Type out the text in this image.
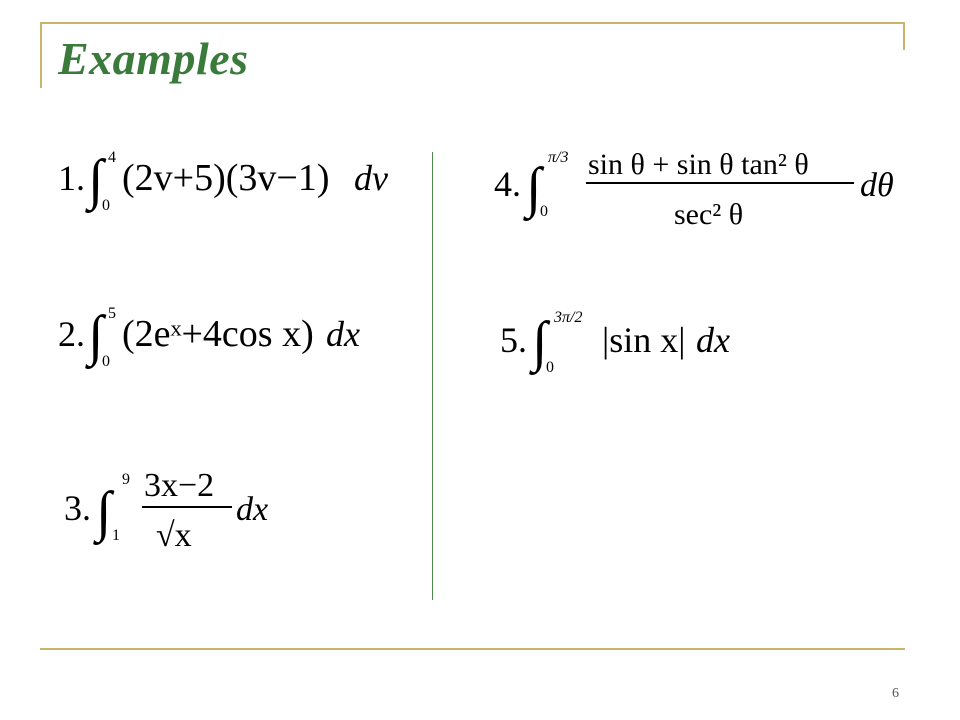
Examples
1. ∫ 4
0
(2v+5)(3v−1) dv
2. ∫ 5
0
(2eˣ+4cos x) dx
3. ∫
9
1
3x−2
√x
dx
4. ∫ π/3
0
sin θ + sin θ tan² θ
sec² θ
dθ
5. ∫ 3π/2
0
|sin x| dx

6
